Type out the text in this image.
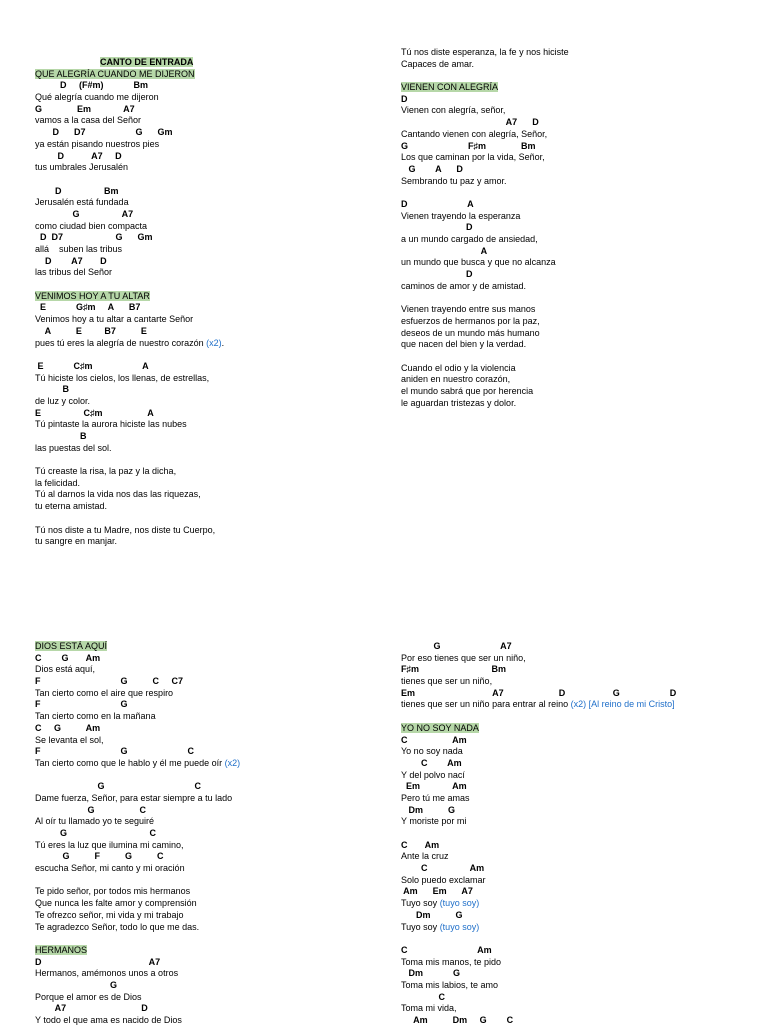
CANTO DE ENTRADA
QUE ALEGRÍA CUANDO ME DIJERON
D     (F#m)            Bm
Qué alegría cuando me dijeron
G              Em             A7
vamos a la casa del Señor
D      D7                    G      Gm
ya están pisando nuestros pies
D           A7     D
tus umbrales Jerusalén
D                 Bm
Jerusalén está fundada
G                 A7
como ciudad bien compacta
D  D7                     G      Gm
allá    suben las tribus
D        A7       D
las tribus del Señor
VENIMOS HOY A TU ALTAR
E            G♯m     A      B7
Venimos hoy a tu altar a cantarte Señor
A          E         B7          E
pues tú eres la alegría de nuestro corazón (x2).
E            C♯m                    A
Tú hiciste los cielos, los llenas, de estrellas,
B
de luz y color.
E                 C♯m                  A
Tú pintaste la aurora hiciste las nubes
B
las puestas del sol.
Tú creaste la risa, la paz y la dicha,
la felicidad.
Tú al darnos la vida nos das las riquezas,
tu eterna amistad.
Tú nos diste a tu Madre, nos diste tu Cuerpo,
tu sangre en manjar.
Tú nos diste esperanza, la fe y nos hiciste
Capaces de amar.
VIENEN CON ALEGRÍA
D
Vienen con alegría, señor,
A7      D
Cantando vienen con alegría, Señor,
G                        F♯m              Bm
Los que caminan por la vida, Señor,
G        A      D
Sembrando tu paz y amor.
D                        A
Vienen trayendo la esperanza
D
a un mundo cargado de ansiedad,
A
un mundo que busca y que no alcanza
D
caminos de amor y de amistad.
Vienen trayendo entre sus manos
esfuerzos de hermanos por la paz,
deseos de un mundo más humano
que nacen del bien y la verdad.
Cuando el odio y la violencia
aniden en nuestro corazón,
el mundo sabrá que por herencia
le aguardan tristezas y dolor.
DIOS ESTÁ AQUÍ
C        G       Am
Dios está aquí,
F                                G          C     C7
Tan cierto como el aire que respiro
F                                G
Tan cierto como en la mañana
C     G          Am
Se levanta el sol,
F                                G                        C
Tan cierto como que le hablo y él me puede oír (x2)
G                                    C
Dame fuerza, Señor, para estar siempre a tu lado
G                  C
Al oír tu llamado yo te seguiré
G                                 C
Tú eres la luz que ilumina mi camino,
G          F          G          C
escucha Señor, mi canto y mi oración
Te pido señor, por todos mis hermanos
Que nunca les falte amor y comprensión
Te ofrezco señor, mi vida y mi trabajo
Te agradezco Señor, todo lo que me das.
HERMANOS
D                                           A7
Hermanos, amémonos unos a otros
G
Porque el amor es de Dios
A7                              D
Y todo el que ama es nacido de Dios
G                        A7
Por eso tienes que ser un niño,
F♯m                             Bm
tienes que ser un niño,
Em                               A7                      D                   G                    D
tienes que ser un niño para entrar al reino (x2) [Al reino de mi Cristo]
YO NO SOY NADA
C                  Am
Yo no soy nada
C        Am
Y del polvo nací
Em             Am
Pero tú me amas
Dm          G
Y moriste por mi
C       Am
Ante la cruz
C                 Am
Solo puedo exclamar
Am      Em      A7
Tuyo soy (tuyo soy)
Dm          G
Tuyo soy (tuyo soy)
C                            Am
Toma mis manos, te pido
Dm            G
Toma mis labios, te amo
C
Toma mi vida,
Am          Dm     G        C
